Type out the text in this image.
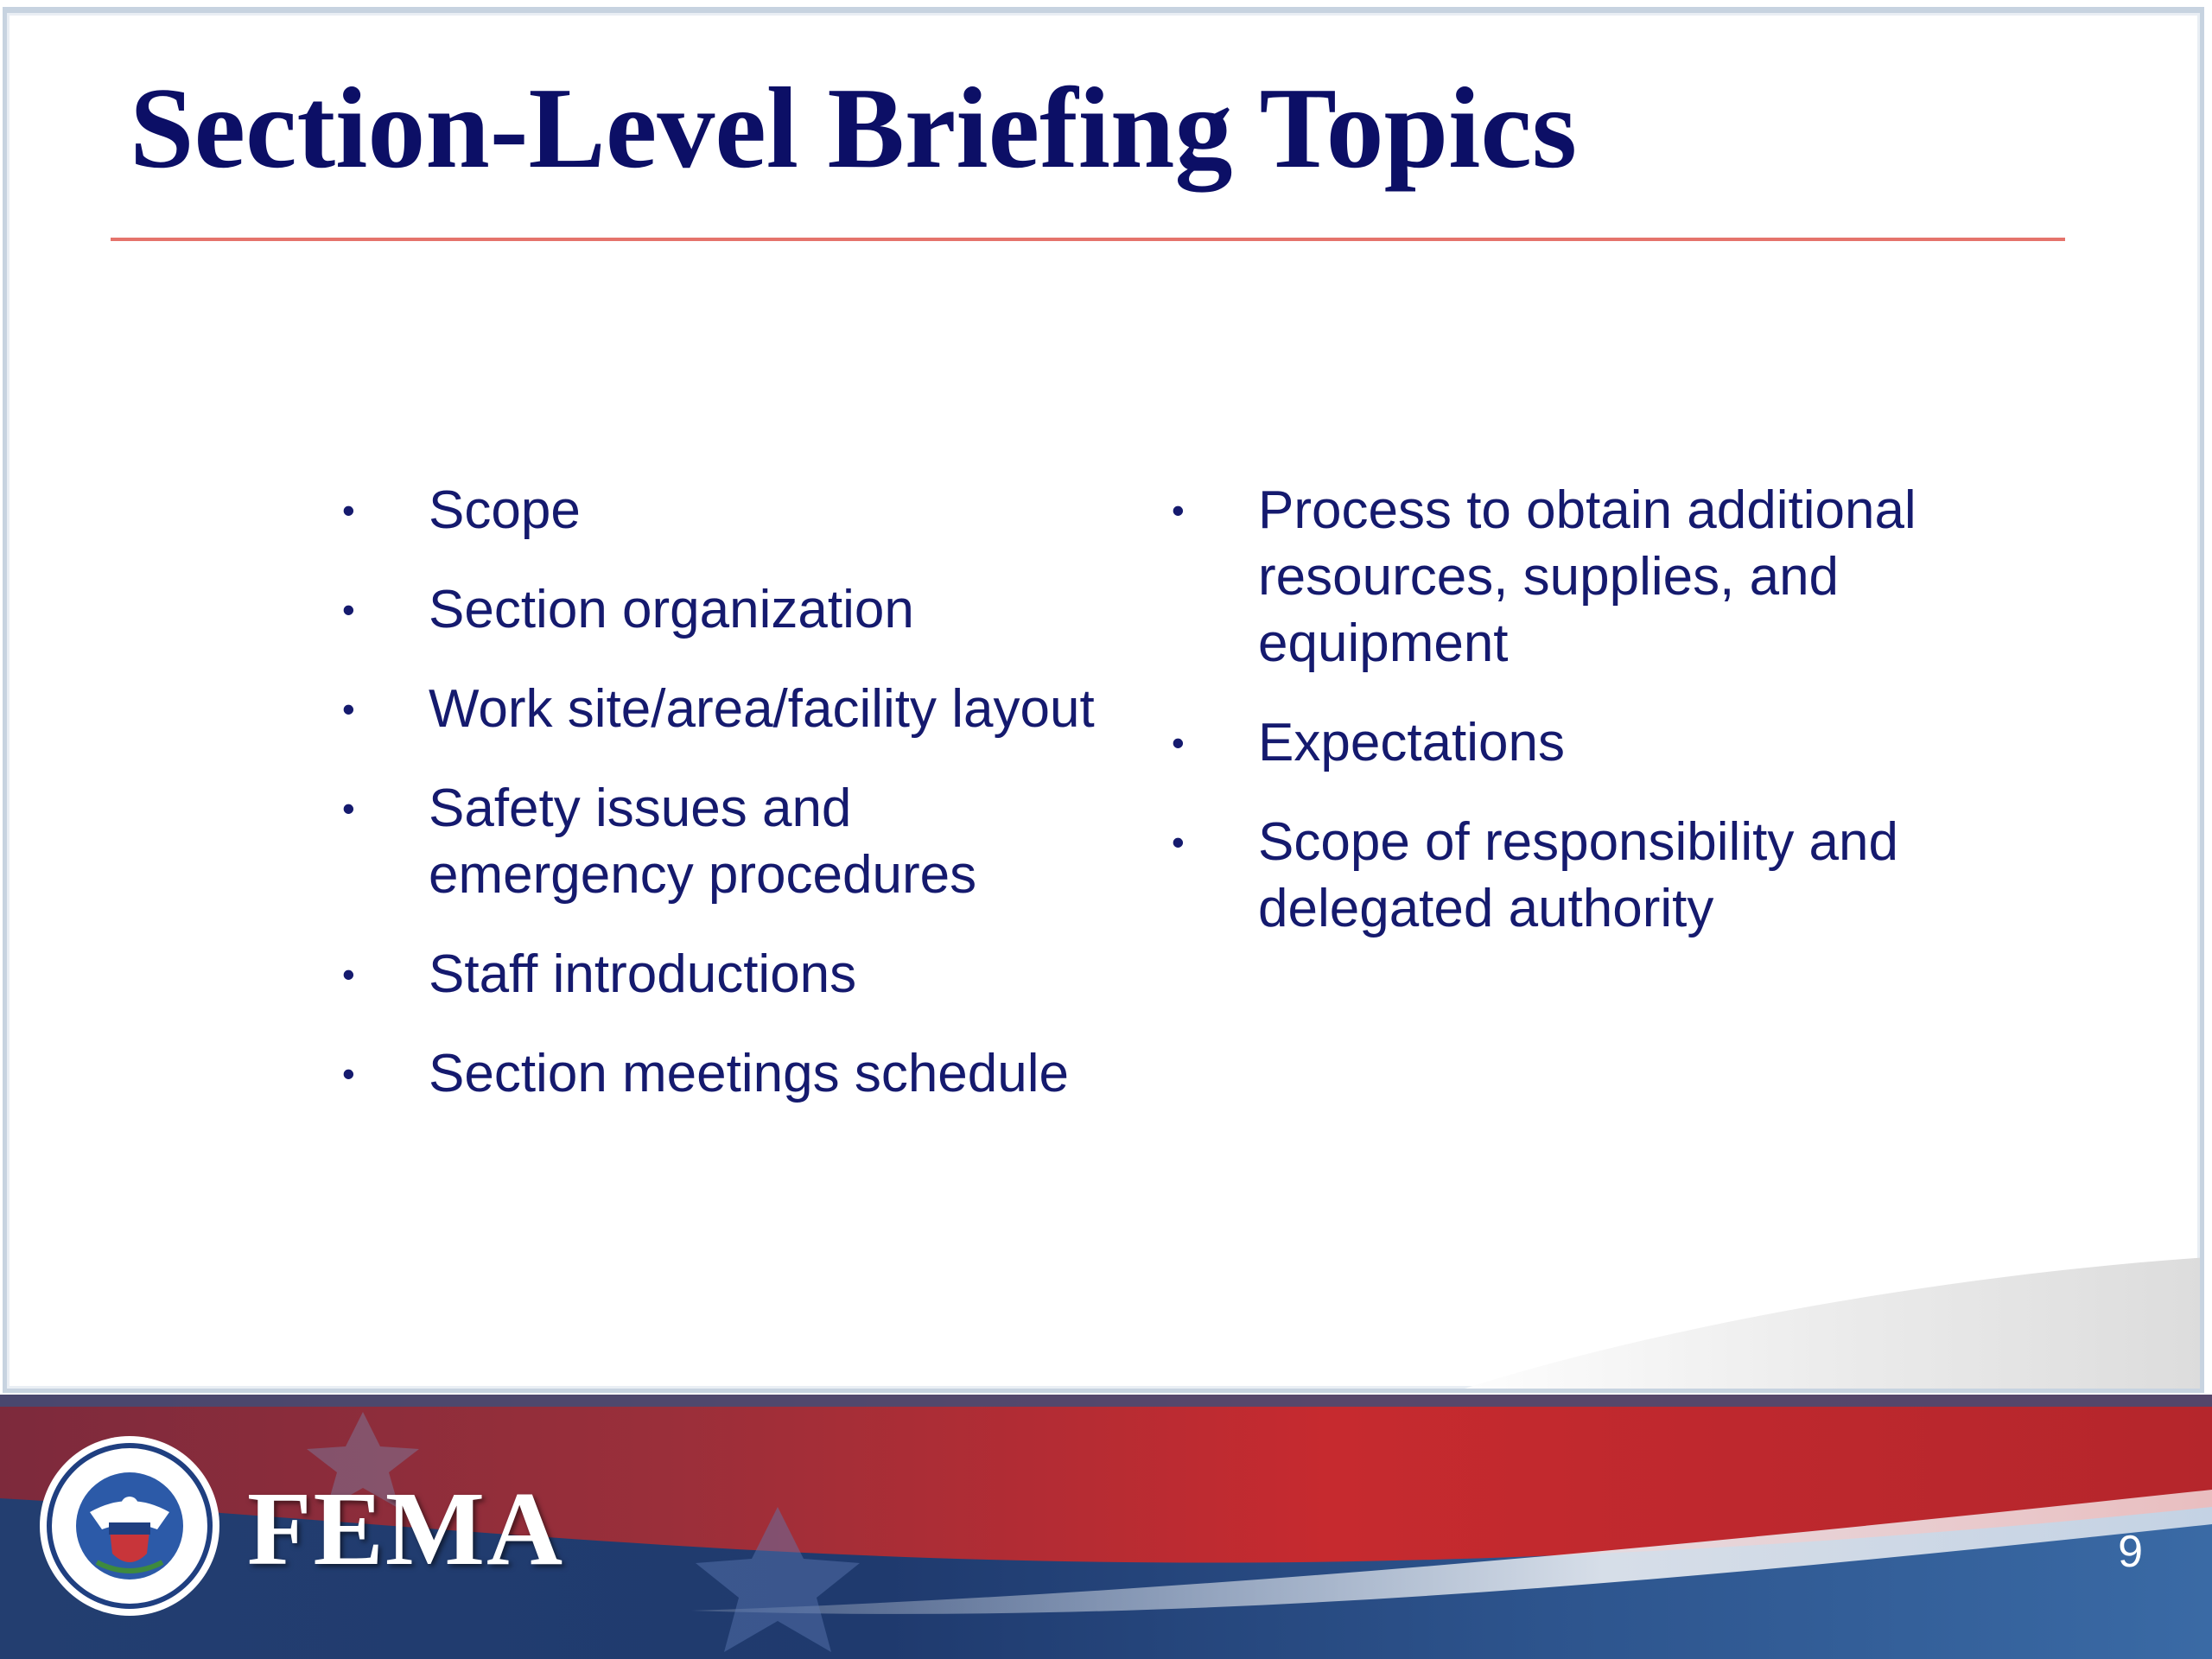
Section-Level Briefing Topics
• Scope
• Section organization
• Work site/area/facility layout
• Safety issues and emergency procedures
• Staff introductions
• Section meetings schedule
• Process to obtain additional resources, supplies, and equipment
• Expectations
• Scope of responsibility and delegated authority
FEMA	9
